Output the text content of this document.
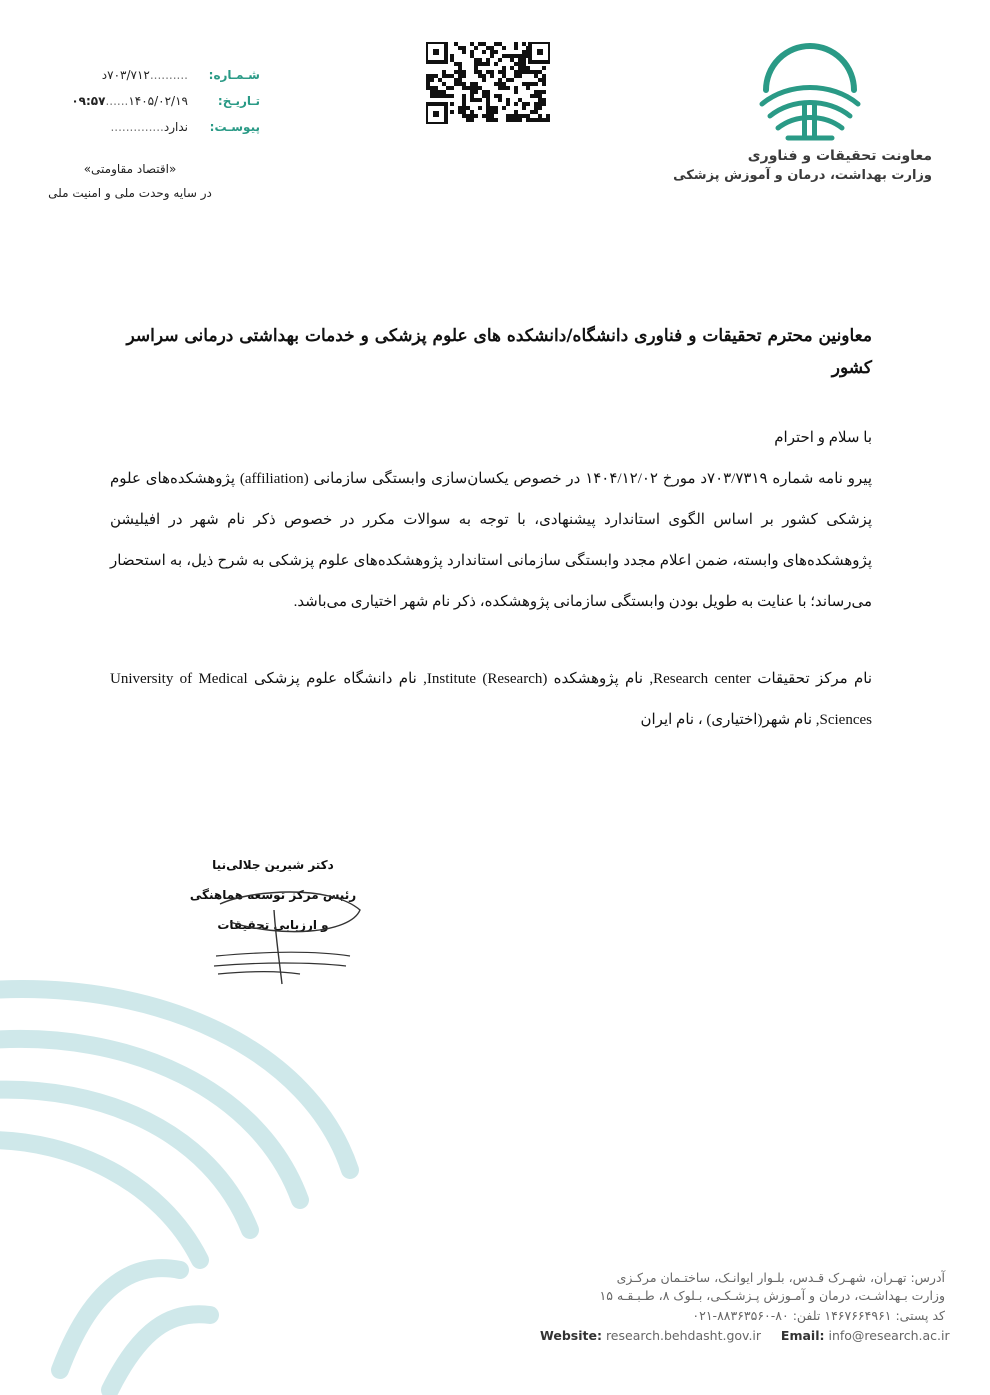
شـمـاره:
..........۷۰۳/۷۱۲د
تـاریـخ:
۱۴۰۵/۰۲/۱۹......۰۹:۵۷
پیوسـت:
ندارد..............
«اقتصاد مقاومتی»
در سایه وحدت ملی و امنیت ملی
معاونت تحقیقات و فناوری
وزارت بهداشت، درمان و آموزش پزشکی
معاونین محترم تحقیقات و فناوری دانشگاه/دانشکده های علوم پزشکی و خدمات بهداشتی درمانی سراسر کشور
با سلام و احترام
پیرو نامه شماره ۷۰۳/۷۳۱۹د مورخ ۱۴۰۴/۱۲/۰۲ در خصوص یکسان‌سازی وابستگی سازمانی (affiliation) پژوهشکده‌های علوم پزشکی کشور بر اساس الگوی استاندارد پیشنهادی، با توجه به سوالات مکرر در خصوص ذکر نام شهر در افیلیشن پژوهشکده‌های وابسته، ضمن اعلام مجدد وابستگی سازمانی استاندارد پژوهشکده‌های علوم پزشکی به شرح ذیل، به استحضار می‌رساند؛ با عنایت به طویل بودن وابستگی سازمانی پژوهشکده، ذکر نام شهر اختیاری می‌باشد.
نام مرکز تحقیقات Research center, نام پژوهشکده (Research) Institute, نام دانشگاه علوم پزشکی University of Medical Sciences, نام شهر(اختیاری) ، نام ایران
دکتر شیرین جلالی‌نیا
رئیس مرکز توسعه هماهنگی
و ارزیابی تحقیقات
آدرس: تهـران، شهـرک قـدس، بلـوار ایوانـک، ساختـمان مرکـزی
وزارت بـهداشـت، درمان و آمـوزش پـزشـکـی، بـلوک ۸، طـبـقـه ۱۵
کد پستی: ۱۴۶۷۶۶۴۹۶۱ تلفن: ۸۰-۸۸۳۶۳۵۶۰-۰۲۱
Website: research.behdasht.gov.ir Email: info@research.ac.ir
